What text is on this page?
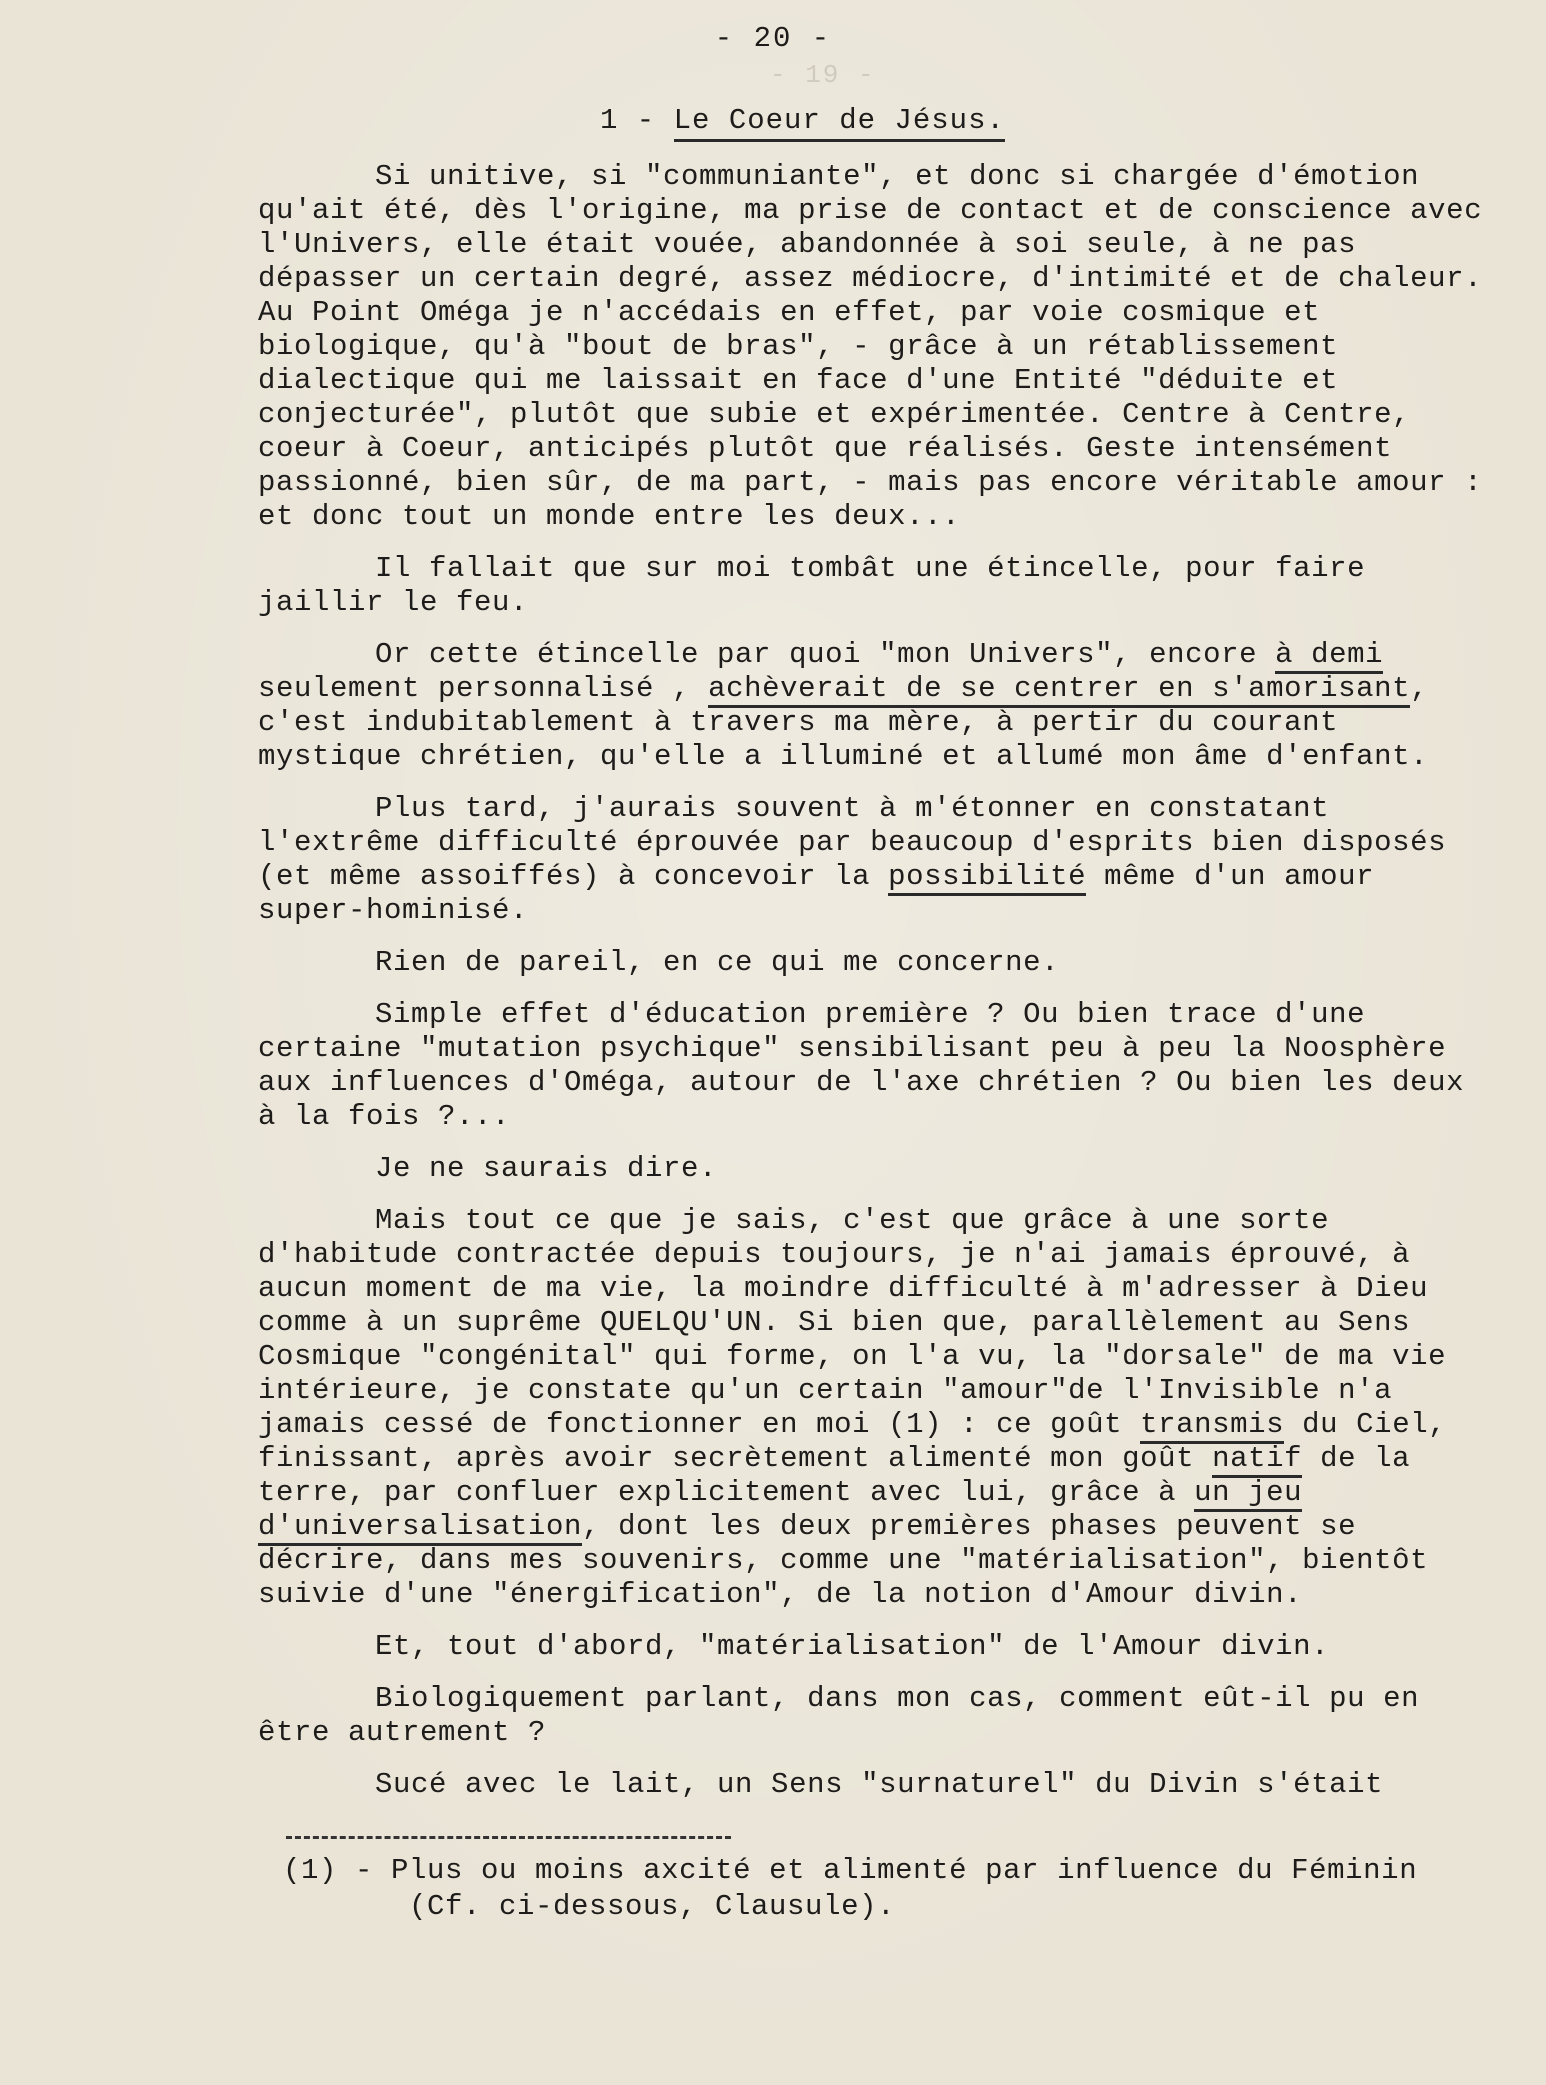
- 19 -
- 20 -
1 - Le Coeur de Jésus.

Si unitive, si "communiante", et donc si chargée d'émotion qu'ait été, dès l'origine, ma prise de contact et de conscience avec l'Univers, elle était vouée, abandonnée à soi seule, à ne pas dépasser un certain degré, assez médiocre, d'intimité et de chaleur. Au Point Oméga je n'accédais en effet, par voie cosmique et biologique, qu'à "bout de bras", - grâce à un rétablissement dialectique qui me laissait en face d'une Entité "déduite et conjecturée", plutôt que subie et expérimentée. Centre à Centre, coeur à Coeur, anticipés plutôt que réalisés. Geste intensément passionné, bien sûr, de ma part, - mais pas encore véritable amour : et donc tout un monde entre les deux...

Il fallait que sur moi tombât une étincelle, pour faire jaillir le feu.

Or cette étincelle par quoi "mon Univers", encore à demi seulement personnalisé , achèverait de se centrer en s'amorisant, c'est indubitablement à travers ma mère, à pertir du courant mystique chrétien, qu'elle a illuminé et allumé mon âme d'enfant.

Plus tard, j'aurais souvent à m'étonner en constatant l'extrême difficulté éprouvée par beaucoup d'esprits bien disposés (et même assoiffés) à concevoir la possibilité même d'un amour super-hominisé.

Rien de pareil, en ce qui me concerne.

Simple effet d'éducation première ? Ou bien trace d'une certaine "mutation psychique" sensibilisant peu à peu la Noosphère aux influences d'Oméga, autour de l'axe chrétien ? Ou bien les deux à la fois ?...

Je ne saurais dire.

Mais tout ce que je sais, c'est que grâce à une sorte d'habitude contractée depuis toujours, je n'ai jamais éprouvé, à aucun moment de ma vie, la moindre difficulté à m'adresser à Dieu comme à un suprême QUELQU'UN. Si bien que, parallèlement au Sens Cosmique "congénital" qui forme, on l'a vu, la "dorsale" de ma vie intérieure, je constate qu'un certain "amour"de l'Invisible n'a jamais cessé de fonctionner en moi (1) : ce goût transmis du Ciel, finissant, après avoir secrètement alimenté mon goût natif de la terre, par confluer explicitement avec lui, grâce à un jeu d'universalisation, dont les deux premières phases peuvent se décrire, dans mes souvenirs, comme une "matérialisation", bientôt suivie d'une "énergification", de la notion d'Amour divin.

Et, tout d'abord, "matérialisation" de l'Amour divin.

Biologiquement parlant, dans mon cas, comment eût-il pu en être autrement ?

Sucé avec le lait, un Sens "surnaturel" du Divin s'était

(1) - Plus ou moins axcité et alimenté par influence du Féminin
(Cf. ci-dessous, Clausule).
